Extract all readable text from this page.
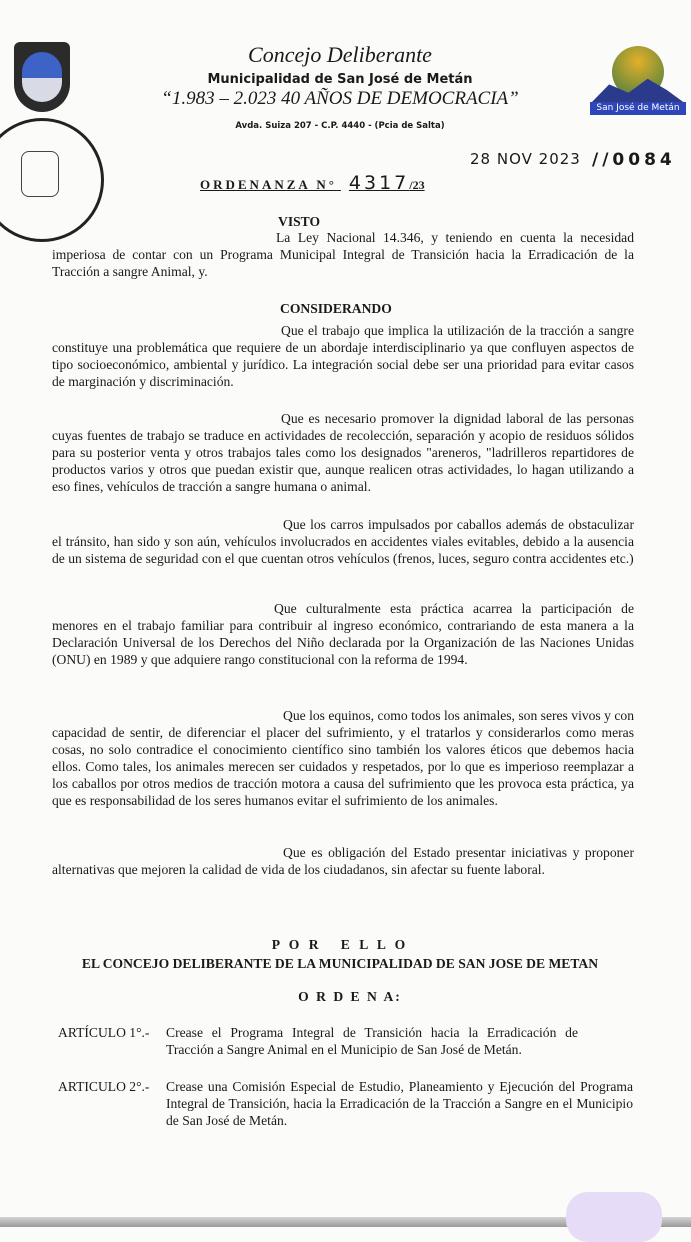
San José de Metán
Concejo Deliberante
Municipalidad de San José de Metán
“1.983 – 2.023 40 AÑOS DE DEMOCRACIA”
Avda. Suiza 207 - C.P. 4440 - (Pcia de Salta)
28 NOV 2023 //0084
ORDENANZA N° 4317/23
VISTO
La Ley Nacional 14.346, y teniendo en cuenta la necesidad imperiosa de contar con un Programa Municipal Integral de Transición hacia la Erradicación de la Tracción a sangre Animal, y.
CONSIDERANDO
Que el trabajo que implica la utilización de la tracción a sangre constituye una problemática que requiere de un abordaje interdisciplinario ya que confluyen aspectos de tipo socioeconómico, ambiental y jurídico. La integración social debe ser una prioridad para evitar casos de marginación y discriminación.
Que es necesario promover la dignidad laboral de las personas cuyas fuentes de trabajo se traduce en actividades de recolección, separación y acopio de residuos sólidos para su posterior venta y otros trabajos tales como los designados "areneros, "ladrilleros repartidores de productos varios y otros que puedan existir que, aunque realicen otras actividades, lo hagan utilizando a eso fines, vehículos de tracción a sangre humana o animal.
Que los carros impulsados por caballos además de obstaculizar el tránsito, han sido y son aún, vehículos involucrados en accidentes viales evitables, debido a la ausencia de un sistema de seguridad con el que cuentan otros vehículos (frenos, luces, seguro contra accidentes etc.)
Que culturalmente esta práctica acarrea la participación de menores en el trabajo familiar para contribuir al ingreso económico, contrariando de esta manera a la Declaración Universal de los Derechos del Niño declarada por la Organización de las Naciones Unidas (ONU) en 1989 y que adquiere rango constitucional con la reforma de 1994.
Que los equinos, como todos los animales, son seres vivos y con capacidad de sentir, de diferenciar el placer del sufrimiento, y el tratarlos y considerarlos como meras cosas, no solo contradice el conocimiento científico sino también los valores éticos que debemos hacia ellos. Como tales, los animales merecen ser cuidados y respetados, por lo que es imperioso reemplazar a los caballos por otros medios de tracción motora a causa del sufrimiento que les provoca esta práctica, ya que es responsabilidad de los seres humanos evitar el sufrimiento de los animales.
Que es obligación del Estado presentar iniciativas y proponer alternativas que mejoren la calidad de vida de los ciudadanos, sin afectar su fuente laboral.
P O R   E L L O
EL CONCEJO DELIBERANTE DE LA MUNICIPALIDAD DE SAN JOSE DE METAN
O R D E N A:
ARTÍCULO 1°.- Crease el Programa Integral de Transición hacia la Erradicación de Tracción a Sangre Animal en el Municipio de San José de Metán.
ARTICULO 2°.- Crease una Comisión Especial de Estudio, Planeamiento y Ejecución del Programa Integral de Transición, hacia la Erradicación de la Tracción a Sangre en el Municipio de San José de Metán.
